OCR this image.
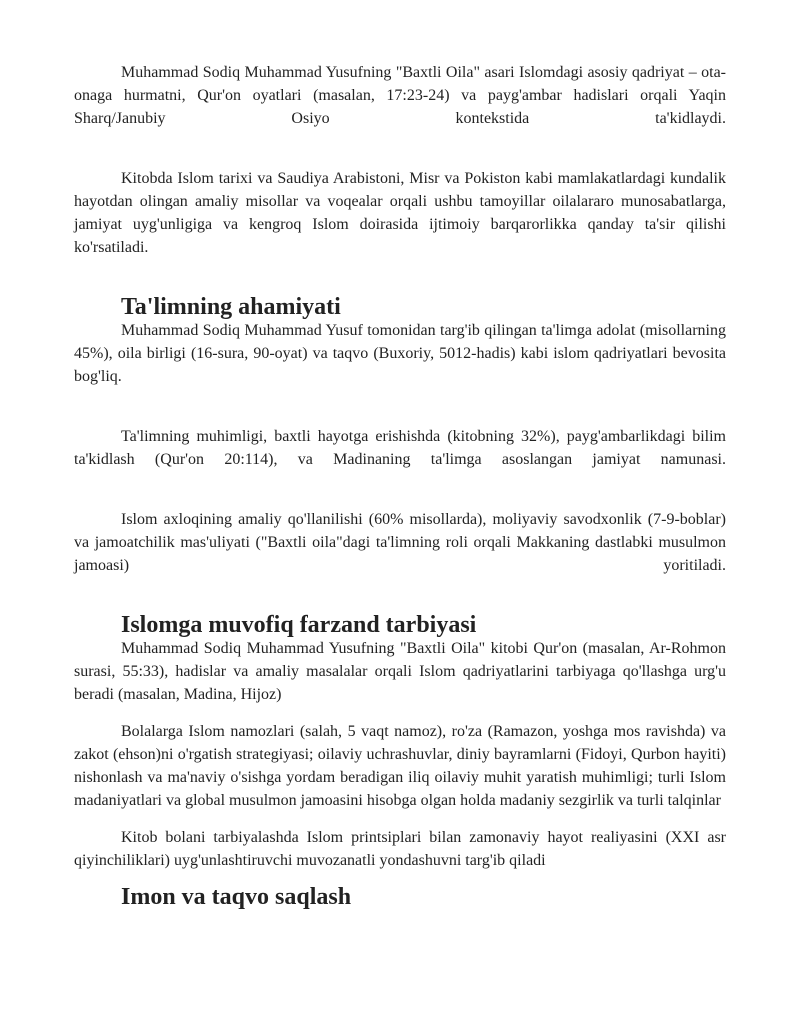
Muhammad Sodiq Muhammad Yusufning "Baxtli Oila" asari Islomdagi asosiy qadriyat – ota-onaga hurmatni, Qur'on oyatlari (masalan, 17:23-24) va payg'ambar hadislari orqali Yaqin Sharq/Janubiy Osiyo kontekstida ta'kidlaydi.

Kitobda Islom tarixi va Saudiya Arabistoni, Misr va Pokiston kabi mamlakatlardagi kundalik hayotdan olingan amaliy misollar va voqealar orqali ushbu tamoyillar oilalararo munosabatlarga, jamiyat uyg'unligiga va kengroq Islom doirasida ijtimoiy barqarorlikka qanday ta'sir qilishi ko'rsatiladi.

Ta'limning ahamiyati

Muhammad Sodiq Muhammad Yusuf tomonidan targ'ib qilingan ta'limga adolat (misollarning 45%), oila birligi (16-sura, 90-oyat) va taqvo (Buxoriy, 5012-hadis) kabi islom qadriyatlari bevosita bog'liq.

Ta'limning muhimligi, baxtli hayotga erishishda (kitobning 32%), payg'ambarlikdagi bilim ta'kidlash (Qur'on 20:114), va Madinaning ta'limga asoslangan jamiyat namunasi.

Islom axloqining amaliy qo'llanilishi (60% misollarda), moliyaviy savodxonlik (7-9-boblar) va jamoatchilik mas'uliyati ("Baxtli oila"dagi ta'limning roli orqali Makkaning dastlabki musulmon jamoasi) yoritiladi.

Islomga muvofiq farzand tarbiyasi

Muhammad Sodiq Muhammad Yusufning "Baxtli Oila" kitobi Qur'on (masalan, Ar-Rohmon surasi, 55:33), hadislar va amaliy masalalar orqali Islom qadriyatlarini tarbiyaga qo'llashga urg'u beradi (masalan, Madina, Hijoz)

Bolalarga Islom namozlari (salah, 5 vaqt namoz), ro'za (Ramazon, yoshga mos ravishda) va zakot (ehson)ni o'rgatish strategiyasi; oilaviy uchrashuvlar, diniy bayramlarni (Fidoyi, Qurbon hayiti) nishonlash va ma'naviy o'sishga yordam beradigan iliq oilaviy muhit yaratish muhimligi; turli Islom madaniyatlari va global musulmon jamoasini hisobga olgan holda madaniy sezgirlik va turli talqinlar

Kitob bolani tarbiyalashda Islom printsiplari bilan zamonaviy hayot realiyasini (XXI asr qiyinchiliklari) uyg'unlashtiruvchi muvozanatli yondashuvni targ'ib qiladi

Imon va taqvo saqlash
